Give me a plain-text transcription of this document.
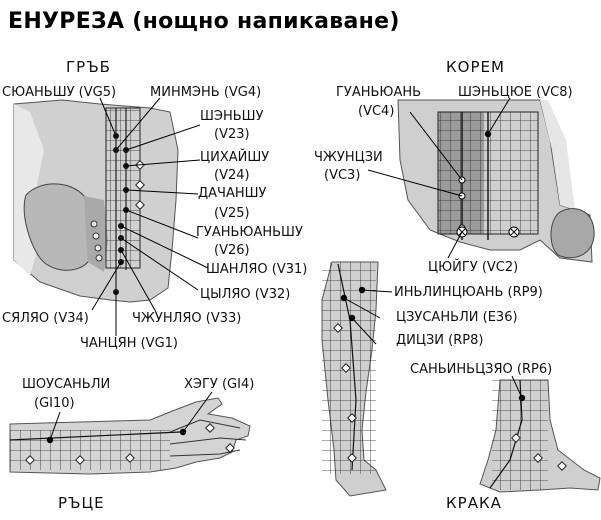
ЕНУРЕЗА (нощно напикаване)
ГРЪБ	КОРЕМ
РЪЦЕ	КРАКА
СЮАНЬШУ (VG5)	МИНМЭНЬ (VG4)
ШЭНЬШУ
(V23)
ЦИХАЙШУ
(V24)
ДАЧАНШУ
(V25)
ГУАНЬЮАНЬШУ
(V26)
ШАНЛЯО (V31)
ЦЫЛЯО (V32)
СЯЛЯО (V34)	ЧЖУНЛЯО (V33)
ЧАНЦЯН (VG1)
ГУАНЬЮАНЬ
(VC4)
ШЭНЬЦЮЕ (VC8)
ЧЖУНЦЗИ
(VC3)
ЦЮЙГУ (VC2)
ИНЬЛИНЦЮАНЬ (RP9)
ЦЗУСАНЬЛИ (E36)
ДИЦЗИ (RP8)
САНЬИНЬЦЗЯО (RP6)
ШОУСАНЬЛИ
(GI10)
ХЭГУ (GI4)
